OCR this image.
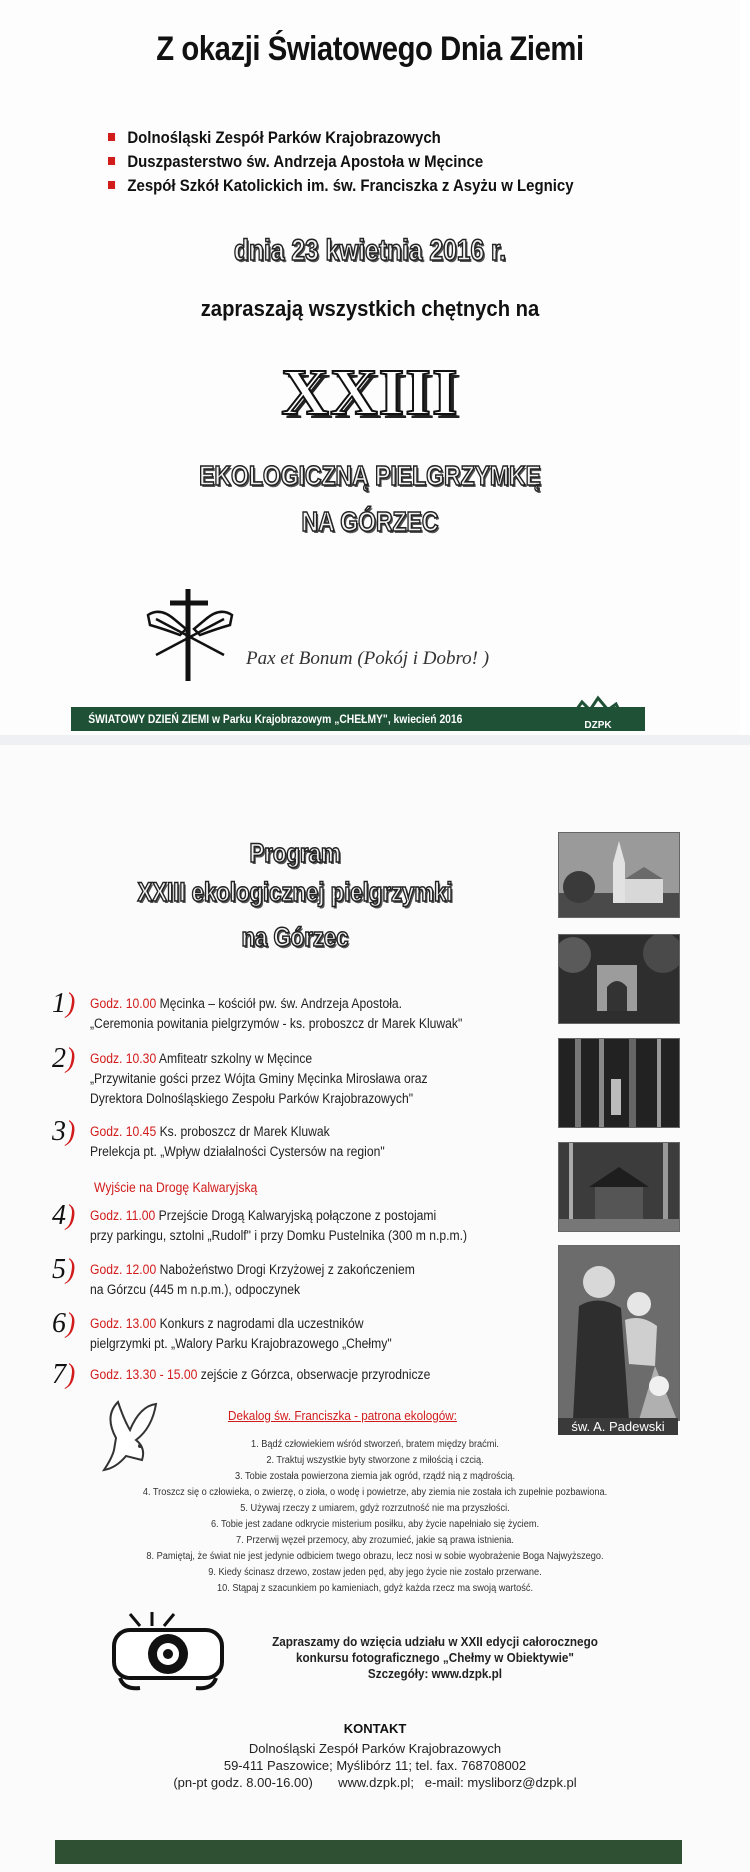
Z okazji Światowego Dnia Ziemi
Dolnośląski Zespół Parków Krajobrazowych
Duszpasterstwo św. Andrzeja Apostoła w Męcince
Zespół Szkół Katolickich im. św. Franciszka z Asyżu w Legnicy
dnia 23 kwietnia 2016 r.
zapraszają wszystkich chętnych na
XXIII
EKOLOGICZNĄ PIELGRZYMKĘ
NA GÓRZEC
Pax et Bonum (Pokój i Dobro! )
ŚWIATOWY DZIEŃ ZIEMI w Parku Krajobrazowym „CHEŁMY", kwiecień 2016	DZPK
Program
XXIII ekologicznej pielgrzymki
na Górzec
św. A. Padewski
1) Godz. 10.00 Męcinka – kościół pw. św. Andrzeja Apostoła.
„Ceremonia powitania pielgrzymów - ks. proboszcz dr Marek Kluwak"
2) Godz. 10.30 Amfiteatr szkolny w Męcince
„Przywitanie gości przez Wójta Gminy Męcinka Mirosława oraz
Dyrektora Dolnośląskiego Zespołu Parków Krajobrazowych"
3) Godz. 10.45 Ks. proboszcz dr Marek Kluwak
Prelekcja pt. „Wpływ działalności Cystersów na region"
Wyjście na Drogę Kalwaryjską
4) Godz. 11.00 Przejście Drogą Kalwaryjską połączone z postojami
przy parkingu, sztolni „Rudolf" i przy Domku Pustelnika (300 m n.p.m.)
5) Godz. 12.00 Nabożeństwo Drogi Krzyżowej z zakończeniem
na Górzcu (445 m n.p.m.), odpoczynek
6) Godz. 13.00 Konkurs z nagrodami dla uczestników
pielgrzymki pt. „Walory Parku Krajobrazowego „Chełmy"
7) Godz. 13.30 - 15.00 zejście z Górzca, obserwacje przyrodnicze
Dekalog św. Franciszka - patrona ekologów:
1. Bądź człowiekiem wśród stworzeń, bratem między braćmi.
2. Traktuj wszystkie byty stworzone z miłością i czcią.
3. Tobie została powierzona ziemia jak ogród, rządź nią z mądrością.
4. Troszcz się o człowieka, o zwierzę, o zioła, o wodę i powietrze, aby ziemia nie została ich zupełnie pozbawiona.
5. Używaj rzeczy z umiarem, gdyż rozrzutność nie ma przyszłości.
6. Tobie jest zadane odkrycie misterium posiłku, aby życie napełniało się życiem.
7. Przerwij węzeł przemocy, aby zrozumieć, jakie są prawa istnienia.
8. Pamiętaj, że świat nie jest jedynie odbiciem twego obrazu, lecz nosi w sobie wyobrażenie Boga Najwyższego.
9. Kiedy ścinasz drzewo, zostaw jeden pęd, aby jego życie nie zostało przerwane.
10. Stąpaj z szacunkiem po kamieniach, gdyż każda rzecz ma swoją wartość.
Zapraszamy do wzięcia udziału w XXII edycji całorocznego
konkursu fotograficznego „Chełmy w Obiektywie"
Szczegóły: www.dzpk.pl
KONTAKT
Dolnośląski Zespół Parków Krajobrazowych
59-411 Paszowice; Myślibórz 11; tel. fax. 768708002
(pn-pt godz. 8.00-16.00)       www.dzpk.pl;   e-mail: mysliborz@dzpk.pl
